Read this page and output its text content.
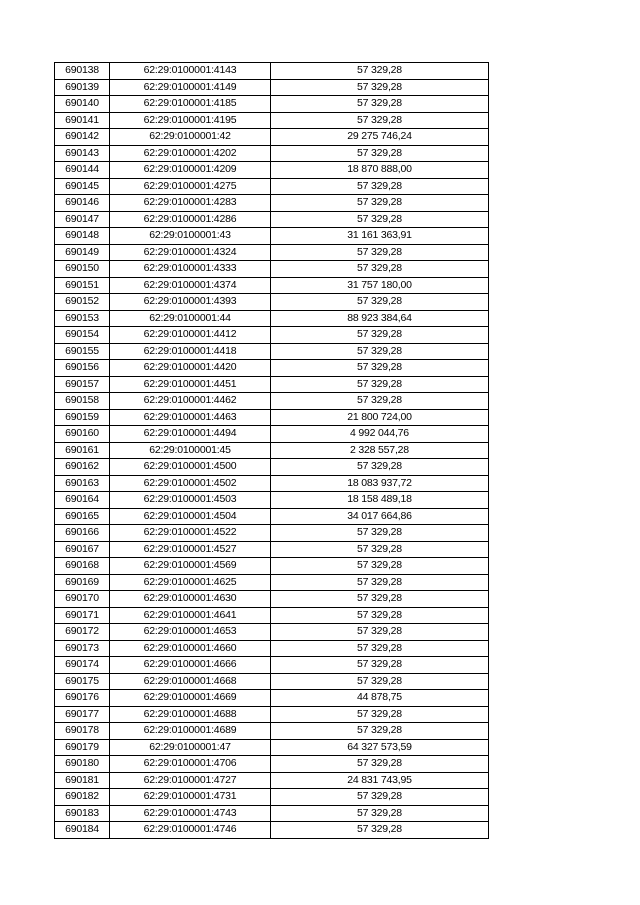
690138	62:29:0100001:4143	57 329,28
690139	62:29:0100001:4149	57 329,28
690140	62:29:0100001:4185	57 329,28
690141	62:29:0100001:4195	57 329,28
690142	62:29:0100001:42	29 275 746,24
690143	62:29:0100001:4202	57 329,28
690144	62:29:0100001:4209	18 870 888,00
690145	62:29:0100001:4275	57 329,28
690146	62:29:0100001:4283	57 329,28
690147	62:29:0100001:4286	57 329,28
690148	62:29:0100001:43	31 161 363,91
690149	62:29:0100001:4324	57 329,28
690150	62:29:0100001:4333	57 329,28
690151	62:29:0100001:4374	31 757 180,00
690152	62:29:0100001:4393	57 329,28
690153	62:29:0100001:44	88 923 384,64
690154	62:29:0100001:4412	57 329,28
690155	62:29:0100001:4418	57 329,28
690156	62:29:0100001:4420	57 329,28
690157	62:29:0100001:4451	57 329,28
690158	62:29:0100001:4462	57 329,28
690159	62:29:0100001:4463	21 800 724,00
690160	62:29:0100001:4494	4 992 044,76
690161	62:29:0100001:45	2 328 557,28
690162	62:29:0100001:4500	57 329,28
690163	62:29:0100001:4502	18 083 937,72
690164	62:29:0100001:4503	18 158 489,18
690165	62:29:0100001:4504	34 017 664,86
690166	62:29:0100001:4522	57 329,28
690167	62:29:0100001:4527	57 329,28
690168	62:29:0100001:4569	57 329,28
690169	62:29:0100001:4625	57 329,28
690170	62:29:0100001:4630	57 329,28
690171	62:29:0100001:4641	57 329,28
690172	62:29:0100001:4653	57 329,28
690173	62:29:0100001:4660	57 329,28
690174	62:29:0100001:4666	57 329,28
690175	62:29:0100001:4668	57 329,28
690176	62:29:0100001:4669	44 878,75
690177	62:29:0100001:4688	57 329,28
690178	62:29:0100001:4689	57 329,28
690179	62:29:0100001:47	64 327 573,59
690180	62:29:0100001:4706	57 329,28
690181	62:29:0100001:4727	24 831 743,95
690182	62:29:0100001:4731	57 329,28
690183	62:29:0100001:4743	57 329,28
690184	62:29:0100001:4746	57 329,28
